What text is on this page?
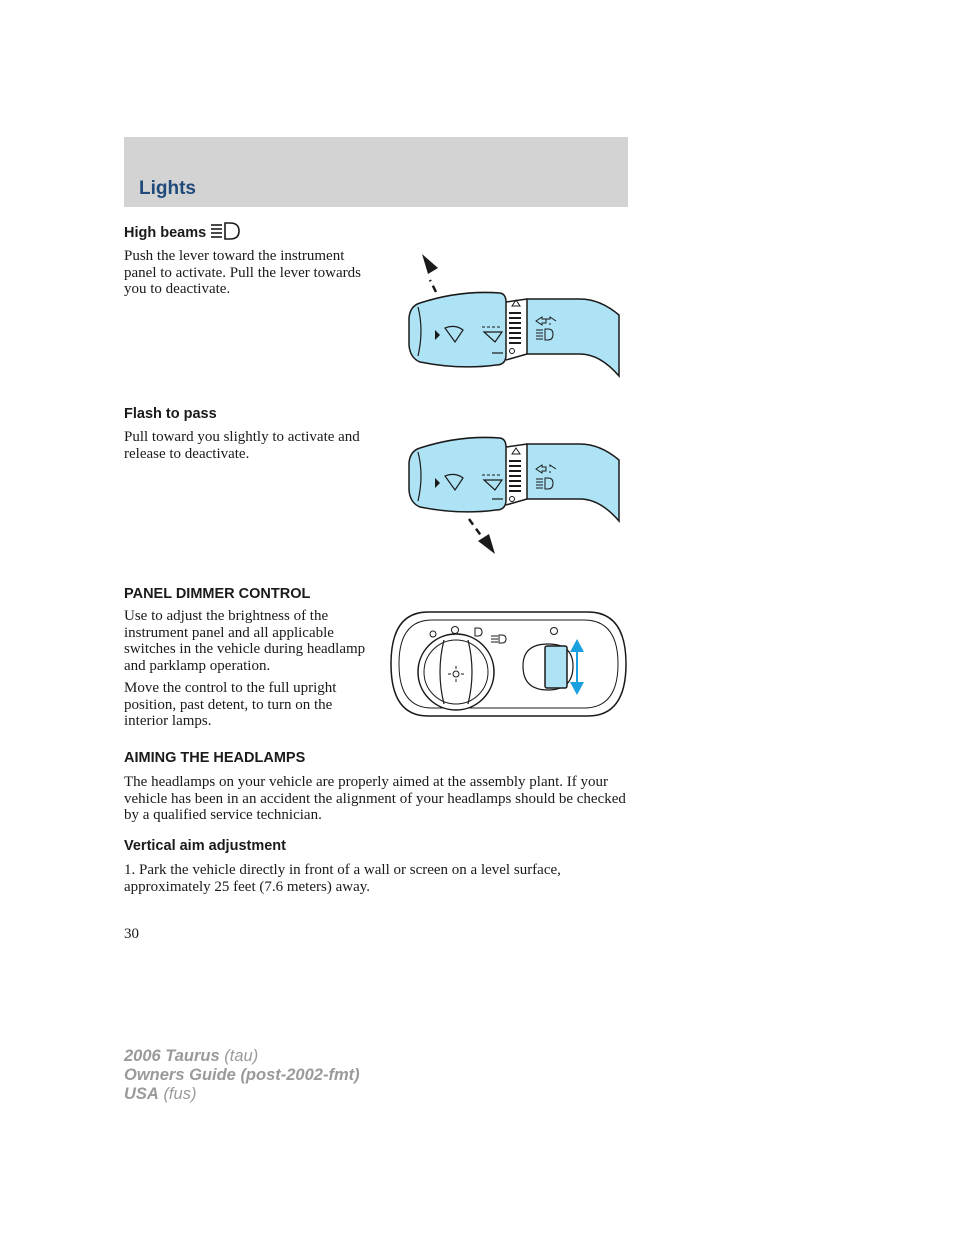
Lights
High beams
Push the lever toward the instrument panel to activate. Pull the lever towards you to deactivate.
Flash to pass
Pull toward you slightly to activate and release to deactivate.
PANEL DIMMER CONTROL
Use to adjust the brightness of the instrument panel and all applicable switches in the vehicle during headlamp and parklamp operation.
Move the control to the full upright position, past detent, to turn on the interior lamps.
AIMING THE HEADLAMPS
The headlamps on your vehicle are properly aimed at the assembly plant. If your vehicle has been in an accident the alignment of your headlamps should be checked by a qualified service technician.
Vertical aim adjustment
1. Park the vehicle directly in front of a wall or screen on a level surface, approximately 25 feet (7.6 meters) away.
30
2006 Taurus (tau)
Owners Guide (post-2002-fmt)
USA (fus)
